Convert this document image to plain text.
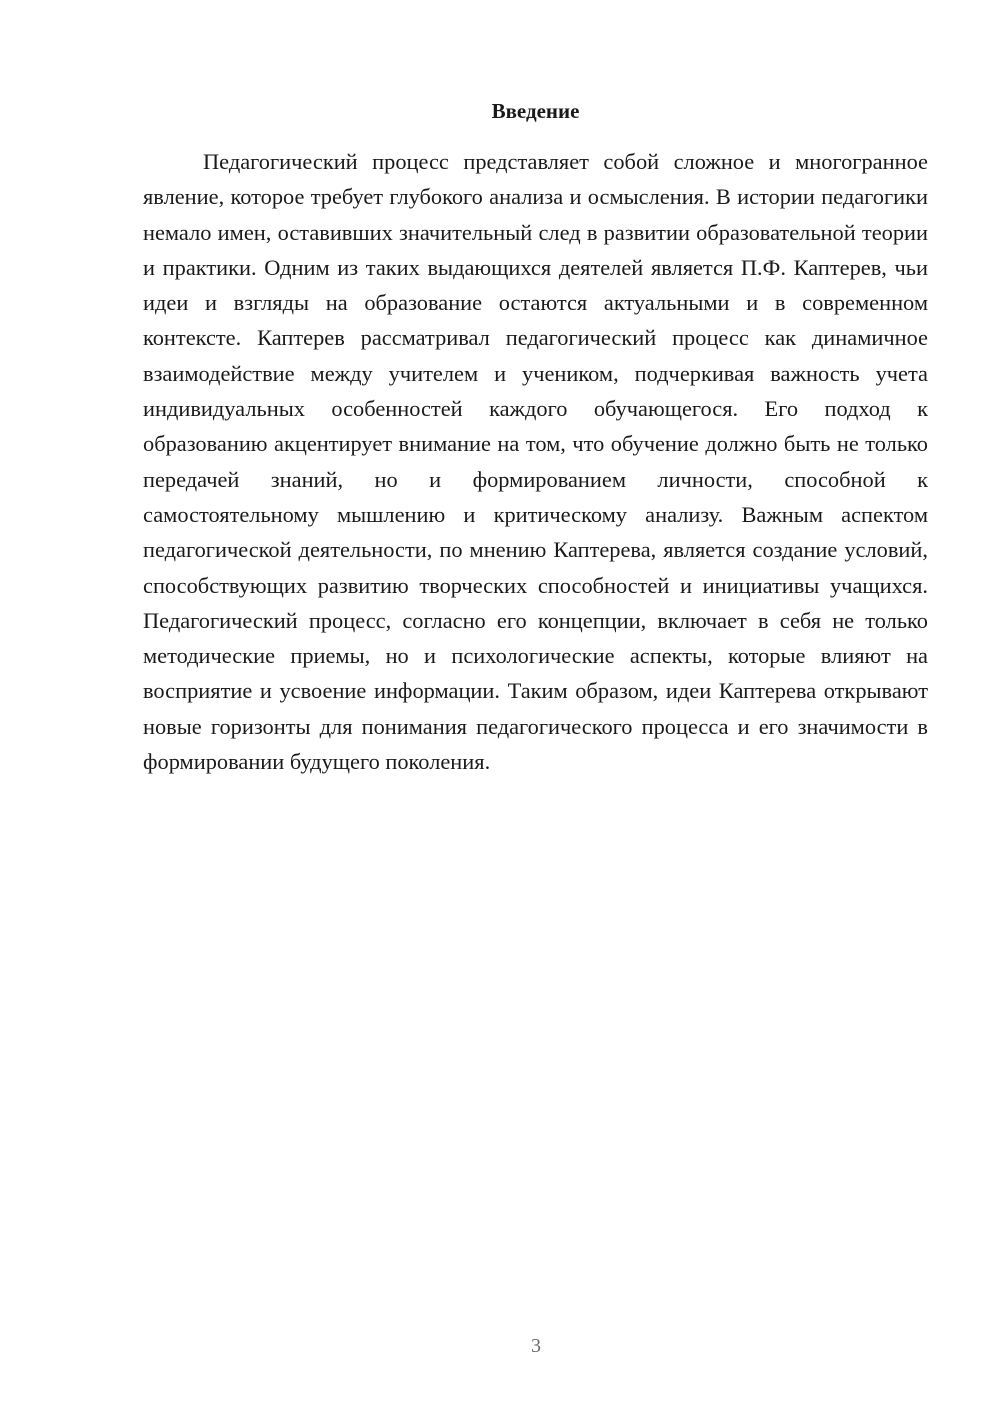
Введение

Педагогический процесс представляет собой сложное и многогранное явление, которое требует глубокого анализа и осмысления. В истории педагогики немало имен, оставивших значительный след в развитии образовательной теории и практики. Одним из таких выдающихся деятелей является П.Ф. Каптерев, чьи идеи и взгляды на образование остаются актуальными и в современном контексте. Каптерев рассматривал педагогический процесс как динамичное взаимодействие между учителем и учеником, подчеркивая важность учета индивидуальных особенностей каждого обучающегося. Его подход к образованию акцентирует внимание на том, что обучение должно быть не только передачей знаний, но и формированием личности, способной к самостоятельному мышлению и критическому анализу. Важным аспектом педагогической деятельности, по мнению Каптерева, является создание условий, способствующих развитию творческих способностей и инициативы учащихся. Педагогический процесс, согласно его концепции, включает в себя не только методические приемы, но и психологические аспекты, которые влияют на восприятие и усвоение информации. Таким образом, идеи Каптерева открывают новые горизонты для понимания педагогического процесса и его значимости в формировании будущего поколения.

3
